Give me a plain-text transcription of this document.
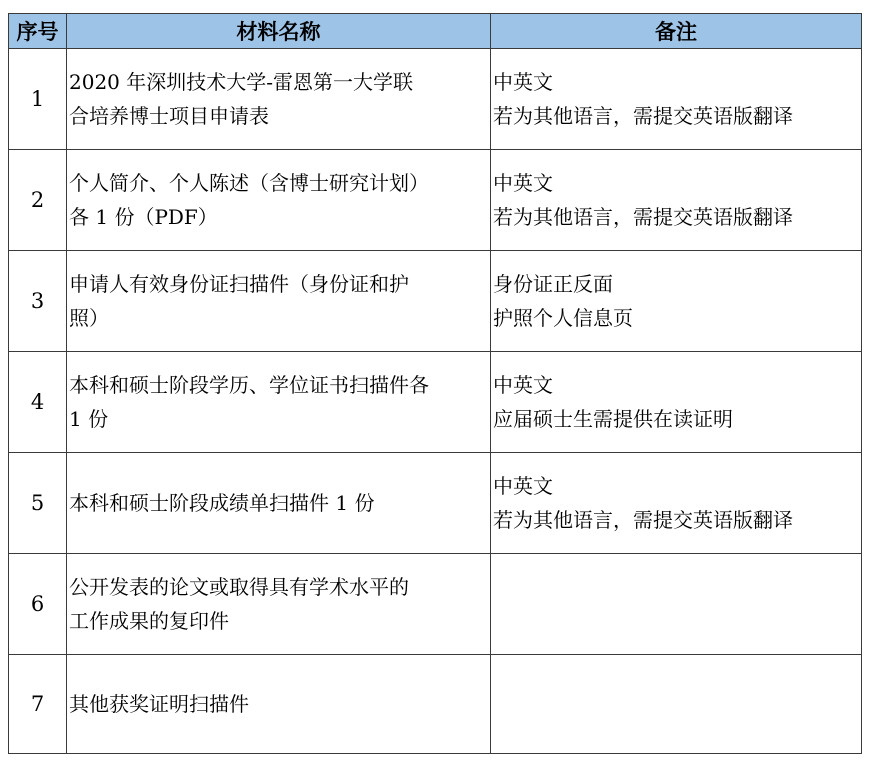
序号	材料名称	备注
1	2020 年深圳技术大学-雷恩第一大学联
合培养博士项目申请表	中英文
若为其他语言，需提交英语版翻译

2	个人简介、个人陈述（含博士研究计划）
各 1 份（PDF）	中英文
若为其他语言，需提交英语版翻译

3	申请人有效身份证扫描件（身份证和护
照）	身份证正反面
护照个人信息页

4	本科和硕士阶段学历、学位证书扫描件各
1 份	中英文
应届硕士生需提供在读证明

5	本科和硕士阶段成绩单扫描件 1 份	中英文
若为其他语言，需提交英语版翻译

6	公开发表的论文或取得具有学术水平的
工作成果的复印件	

7	其他获奖证明扫描件	
